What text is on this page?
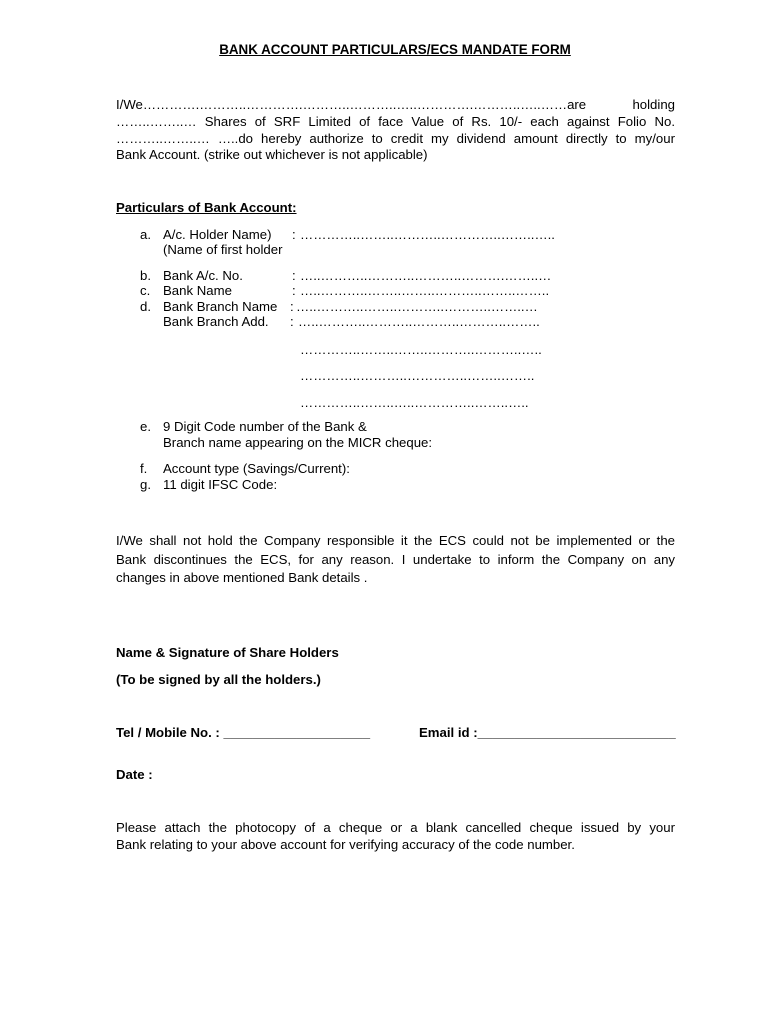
BANK ACCOUNT PARTICULARS/ECS MANDATE FORM
I/We………….………..………….………..………..…..………….………..…..……are holding
……..……..… Shares of SRF Limited of face Value of Rs. 10/- each against Folio No.
………..……..… …..do hereby authorize to credit my dividend amount directly to my/our
Bank Account. (strike out whichever is not applicable)
Particulars of Bank Account:
a. A/c. Holder Name) : …………..……..………..…………..……..…..
(Name of first holder
b. Bank A/c. No.	: …..………..………..………..……….……..…
c. Bank Name	: …..………..……..……..………..……..……..
d. Bank Branch Name : …..………..……..………..………..……..…
Bank Branch Add. : …..………..………..………..………..……..
…………..……..……..………..………..…..
…………..………..…………..……..……..
…………..……..…..…………..……..…..
e. 9 Digit Code number of the Bank &
Branch name appearing on the MICR cheque:
f.	Account type (Savings/Current):
g. 11 digit IFSC Code:
I/We shall not hold the Company responsible it the ECS could not be implemented or the
Bank discontinues the ECS, for any reason. I undertake to inform the Company on any
changes in above mentioned Bank details .
Name & Signature of Share Holders
(To be signed by all the holders.)
Tel / Mobile No. : ____________________	Email id :___________________________
Date :
Please attach the photocopy of a cheque or a blank cancelled cheque issued by your
Bank relating to your above account for verifying accuracy of the code number.
